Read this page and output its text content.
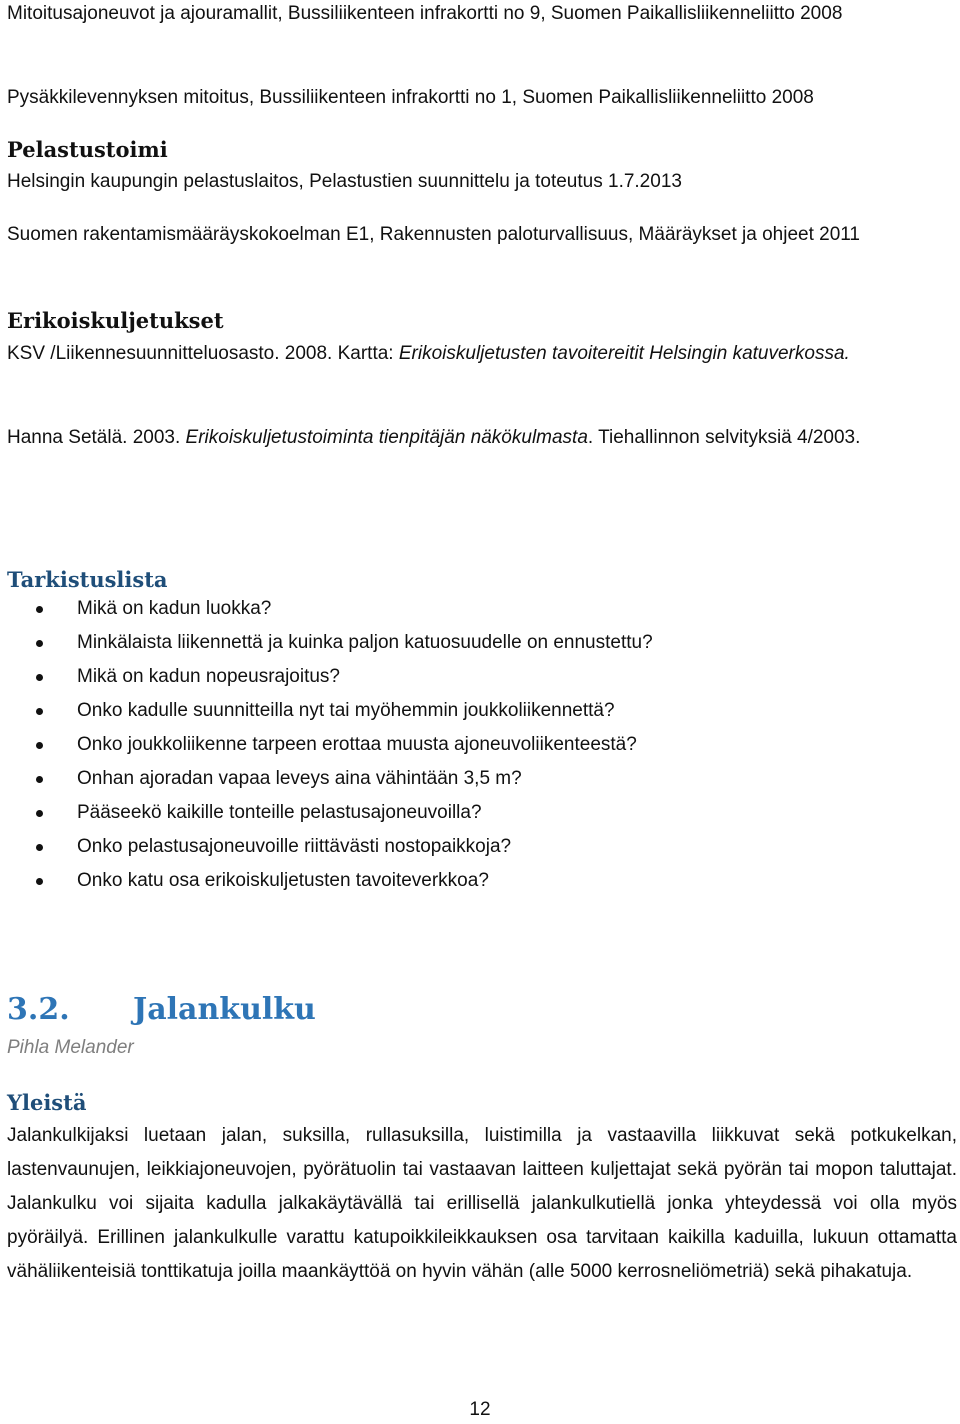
Mitoitusajoneuvot ja ajouramallit, Bussiliikenteen infrakortti no 9, Suomen Paikallisliikenneliitto 2008

Pysäkkilevennyksen mitoitus, Bussiliikenteen infrakortti no 1, Suomen Paikallisliikenneliitto 2008

Pelastustoimi

Helsingin kaupungin pelastuslaitos, Pelastustien suunnittelu ja toteutus 1.7.2013

Suomen rakentamismääräyskokoelman E1, Rakennusten paloturvallisuus, Määräykset ja ohjeet 2011

Erikoiskuljetukset

KSV /Liikennesuunnitteluosasto. 2008. Kartta: Erikoiskuljetusten tavoitereitit Helsingin katuverkossa.

Hanna Setälä. 2003. Erikoiskuljetustoiminta tienpitäjän näkökulmasta. Tiehallinnon selvityksiä 4/2003.

Tarkistuslista

Mikä on kadun luokka?
Minkälaista liikennettä ja kuinka paljon katuosuudelle on ennustettu?
Mikä on kadun nopeusrajoitus?
Onko kadulle suunnitteilla nyt tai myöhemmin joukkoliikennettä?
Onko joukkoliikenne tarpeen erottaa muusta ajoneuvoliikenteestä?
Onhan ajoradan vapaa leveys aina vähintään 3,5 m?
Pääseekö kaikille tonteille pelastusajoneuvoilla?
Onko pelastusajoneuvoille riittävästi nostopaikkoja?
Onko katu osa erikoiskuljetusten tavoiteverkkoa?
3.2.	Jalankulku

Pihla Melander

Yleistä

Jalankulkijaksi luetaan jalan, suksilla, rullasuksilla, luistimilla ja vastaavilla liikkuvat sekä potkukelkan, lastenvaunujen, leikkiajoneuvojen, pyörätuolin tai vastaavan laitteen kuljettajat sekä pyörän tai mopon taluttajat. Jalankulku voi sijaita kadulla jalkakäytävällä tai erillisellä jalankulkutiellä jonka yhteydessä voi olla myös pyöräilyä. Erillinen jalankulkulle varattu katupoikkileikkauksen osa tarvitaan kaikilla kaduilla, lukuun ottamatta vähäliikenteisiä tonttikatuja joilla maankäyttöä on hyvin vähän (alle 5000 kerrosneliömetriä) sekä pihakatuja.

12
